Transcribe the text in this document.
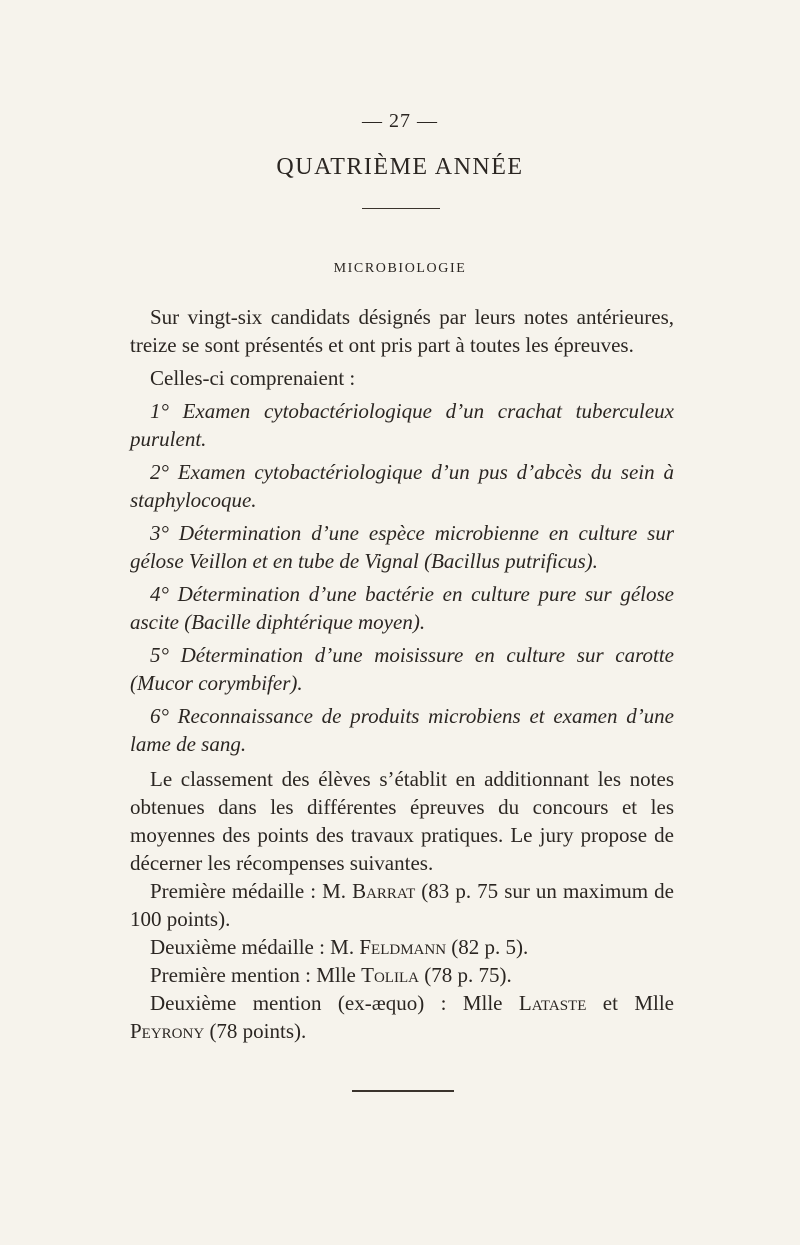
— 27 —
QUATRIÈME ANNÉE
MICROBIOLOGIE

Sur vingt-six candidats désignés par leurs notes antérieures, treize se sont présentés et ont pris part à toutes les épreuves.

Celles-ci comprenaient :

1° Examen cytobactériologique d’un crachat tuberculeux purulent.

2° Examen cytobactériologique d’un pus d’abcès du sein à staphylocoque.

3° Détermination d’une espèce microbienne en culture sur gélose Veillon et en tube de Vignal (Bacillus putrificus).

4° Détermination d’une bactérie en culture pure sur gélose ascite (Bacille diphtérique moyen).

5° Détermination d’une moisissure en culture sur carotte (Mucor corymbifer).

6° Reconnaissance de produits microbiens et examen d’une lame de sang.

Le classement des élèves s’établit en additionnant les notes obtenues dans les différentes épreuves du concours et les moyennes des points des travaux pratiques. Le jury propose de décerner les récompenses suivantes.

Première médaille : M. Barrat (83 p. 75 sur un maximum de 100 points).

Deuxième médaille : M. Feldmann (82 p. 5).

Première mention : Mlle Tolila (78 p. 75).

Deuxième mention (ex-æquo) : Mlle Lataste et Mlle Peyrony (78 points).
